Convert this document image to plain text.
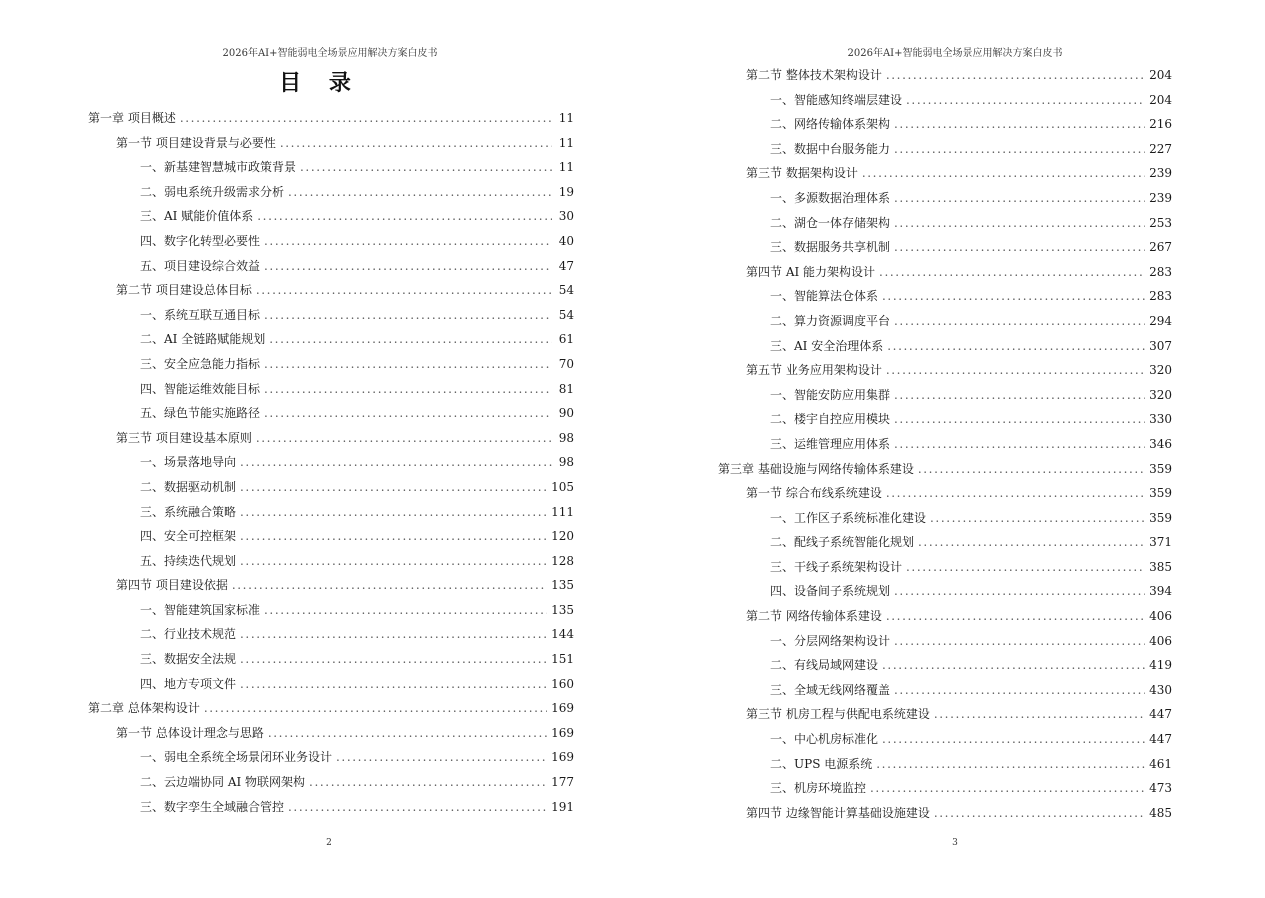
2026年AI+智能弱电全场景应用解决方案白皮书
目 录
第一章 项目概述 .....	11
第一节 项目建设背景与必要性 .....	11
一、新基建智慧城市政策背景 .....	11
二、弱电系统升级需求分析 .....	19
三、AI 赋能价值体系 .....	30
四、数字化转型必要性 .....	40
五、项目建设综合效益 .....	47
第二节 项目建设总体目标 .....	54
一、系统互联互通目标 .....	54
二、AI 全链路赋能规划 .....	61
三、安全应急能力指标 .....	70
四、智能运维效能目标 .....	81
五、绿色节能实施路径 .....	90
第三节 项目建设基本原则 .....	98
一、场景落地导向 .....	98
二、数据驱动机制 .....	105
三、系统融合策略 .....	111
四、安全可控框架 .....	120
五、持续迭代规划 .....	128
第四节 项目建设依据 .....	135
一、智能建筑国家标准 .....	135
二、行业技术规范 .....	144
三、数据安全法规 .....	151
四、地方专项文件 .....	160
第二章 总体架构设计 .....	169
第一节 总体设计理念与思路 .....	169
一、弱电全系统全场景闭环业务设计 .....	169
二、云边端协同 AI 物联网架构 .....	177
三、数字孪生全域融合管控 .....	191
2
2026年AI+智能弱电全场景应用解决方案白皮书
第二节 整体技术架构设计 .....	204
一、智能感知终端层建设 .....	204
二、网络传输体系架构 .....	216
三、数据中台服务能力 .....	227
第三节 数据架构设计 .....	239
一、多源数据治理体系 .....	239
二、湖仓一体存储架构 .....	253
三、数据服务共享机制 .....	267
第四节 AI 能力架构设计 .....	283
一、智能算法仓体系 .....	283
二、算力资源调度平台 .....	294
三、AI 安全治理体系 .....	307
第五节 业务应用架构设计 .....	320
一、智能安防应用集群 .....	320
二、楼宇自控应用模块 .....	330
三、运维管理应用体系 .....	346
第三章 基础设施与网络传输体系建设 .....	359
第一节 综合布线系统建设 .....	359
一、工作区子系统标准化建设 .....	359
二、配线子系统智能化规划 .....	371
三、干线子系统架构设计 .....	385
四、设备间子系统规划 .....	394
第二节 网络传输体系建设 .....	406
一、分层网络架构设计 .....	406
二、有线局域网建设 .....	419
三、全域无线网络覆盖 .....	430
第三节 机房工程与供配电系统建设 .....	447
一、中心机房标准化 .....	447
二、UPS 电源系统 .....	461
三、机房环境监控 .....	473
第四节 边缘智能计算基础设施建设 .....	485
3
